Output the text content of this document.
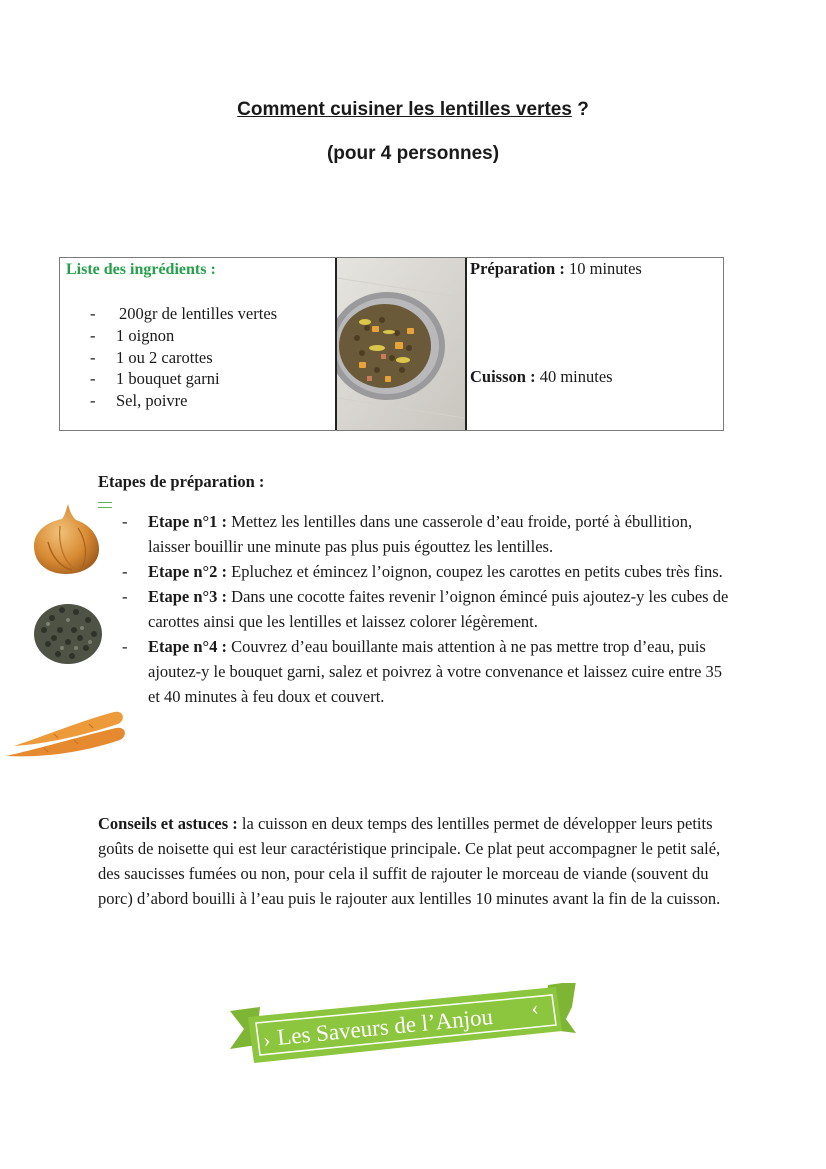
Comment cuisiner les lentilles vertes ?
(pour 4 personnes)
Liste des ingrédients :
- 200gr de lentilles vertes
- 1 oignon
- 1 ou 2 carottes
- 1 bouquet garni
- Sel, poivre
Préparation : 10 minutes
Cuisson : 40 minutes
Etapes de préparation :
- Etape n°1 : Mettez les lentilles dans une casserole d’eau froide, porté à ébullition, laisser bouillir une minute pas plus puis égouttez les lentilles.
- Etape n°2 : Epluchez et émincez l’oignon, coupez les carottes en petits cubes très fins.
- Etape n°3 : Dans une cocotte faites revenir l’oignon émincé puis ajoutez-y les cubes de carottes ainsi que les lentilles et laissez colorer légèrement.
- Etape n°4 : Couvrez d’eau bouillante mais attention à ne pas mettre trop d’eau, puis ajoutez-y le bouquet garni, salez et poivrez à votre convenance et laissez cuire entre 35 et 40 minutes à feu doux et couvert.
Conseils et astuces : la cuisson en deux temps des lentilles permet de développer leurs petits goûts de noisette qui est leur caractéristique principale. Ce plat peut accompagner le petit salé, des saucisses fumées ou non, pour cela il suffit de rajouter le morceau de viande (souvent du porc) d’abord bouilli à l’eau puis le rajouter aux lentilles 10 minutes avant la fin de la cuisson.
› Les Saveurs de l’Anjou ‹
